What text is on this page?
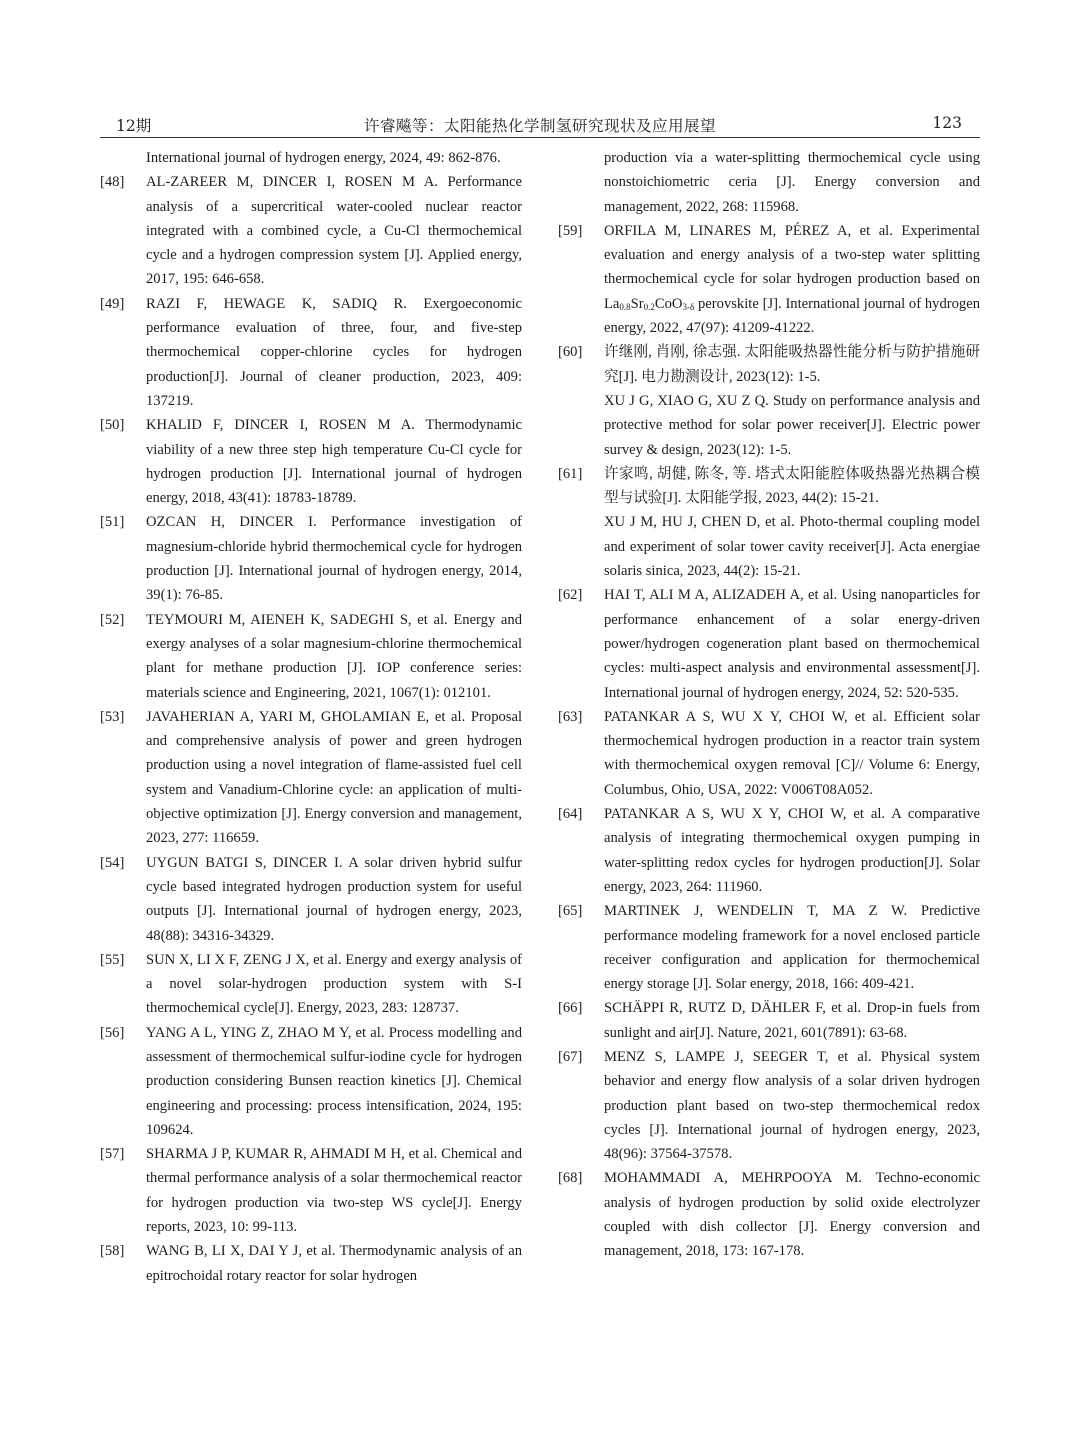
12期	许睿飚等：太阳能热化学制氢研究现状及应用展望	123
International journal of hydrogen energy, 2024, 49: 862-876.
[48]	AL-ZAREER M, DINCER I, ROSEN M A. Performance analysis of a supercritical water-cooled nuclear reactor integrated with a combined cycle, a Cu-Cl thermochemical cycle and a hydrogen compression system [J]. Applied energy, 2017, 195: 646-658.
[49]	RAZI F, HEWAGE K, SADIQ R. Exergoeconomic performance evaluation of three, four, and five-step thermochemical copper-chlorine cycles for hydrogen production[J]. Journal of cleaner production, 2023, 409: 137219.
[50]	KHALID F, DINCER I, ROSEN M A. Thermodynamic viability of a new three step high temperature Cu-Cl cycle for hydrogen production [J]. International journal of hydrogen energy, 2018, 43(41): 18783-18789.
[51]	OZCAN H, DINCER I. Performance investigation of magnesium-chloride hybrid thermochemical cycle for hydrogen production [J]. International journal of hydrogen energy, 2014, 39(1): 76-85.
[52]	TEYMOURI M, AIENEH K, SADEGHI S, et al. Energy and exergy analyses of a solar magnesium-chlorine thermochemical plant for methane production [J]. IOP conference series: materials science and Engineering, 2021, 1067(1): 012101.
[53]	JAVAHERIAN A, YARI M, GHOLAMIAN E, et al. Proposal and comprehensive analysis of power and green hydrogen production using a novel integration of flame-assisted fuel cell system and Vanadium-Chlorine cycle: an application of multi-objective optimization [J]. Energy conversion and management, 2023, 277: 116659.
[54]	UYGUN BATGI S, DINCER I. A solar driven hybrid sulfur cycle based integrated hydrogen production system for useful outputs [J]. International journal of hydrogen energy, 2023, 48(88): 34316-34329.
[55]	SUN X, LI X F, ZENG J X, et al. Energy and exergy analysis of a novel solar-hydrogen production system with S-I thermochemical cycle[J]. Energy, 2023, 283: 128737.
[56]	YANG A L, YING Z, ZHAO M Y, et al. Process modelling and assessment of thermochemical sulfur-iodine cycle for hydrogen production considering Bunsen reaction kinetics [J]. Chemical engineering and processing: process intensification, 2024, 195: 109624.
[57]	SHARMA J P, KUMAR R, AHMADI M H, et al. Chemical and thermal performance analysis of a solar thermochemical reactor for hydrogen production via two-step WS cycle[J]. Energy reports, 2023, 10: 99-113.
[58]	WANG B, LI X, DAI Y J, et al. Thermodynamic analysis of an epitrochoidal rotary reactor for solar hydrogen
production via a water-splitting thermochemical cycle using nonstoichiometric ceria [J]. Energy conversion and management, 2022, 268: 115968.
[59]	ORFILA M, LINARES M, PÉREZ A, et al. Experimental evaluation and energy analysis of a two-step water splitting thermochemical cycle for solar hydrogen production based on $La_{0.8}Sr_{0.2}CoO_{3-\delta}$ perovskite [J]. International journal of hydrogen energy, 2022, 47(97): 41209-41222.
[60]	许继刚, 肖刚, 徐志强. 太阳能吸热器性能分析与防护措施研究[J]. 电力勘测设计, 2023(12): 1-5.
XU J G, XIAO G, XU Z Q. Study on performance analysis and protective method for solar power receiver[J]. Electric power survey & design, 2023(12): 1-5.
[61]	许家鸣, 胡健, 陈冬, 等. 塔式太阳能腔体吸热器光热耦合模型与试验[J]. 太阳能学报, 2023, 44(2): 15-21.
XU J M, HU J, CHEN D, et al. Photo-thermal coupling model and experiment of solar tower cavity receiver[J]. Acta energiae solaris sinica, 2023, 44(2): 15-21.
[62]	HAI T, ALI M A, ALIZADEH A, et al. Using nanoparticles for performance enhancement of a solar energy-driven power/hydrogen cogeneration plant based on thermochemical cycles: multi-aspect analysis and environmental assessment[J]. International journal of hydrogen energy, 2024, 52: 520-535.
[63]	PATANKAR A S, WU X Y, CHOI W, et al. Efficient solar thermochemical hydrogen production in a reactor train system with thermochemical oxygen removal [C]// Volume 6: Energy, Columbus, Ohio, USA, 2022: V006T08A052.
[64]	PATANKAR A S, WU X Y, CHOI W, et al. A comparative analysis of integrating thermochemical oxygen pumping in water-splitting redox cycles for hydrogen production[J]. Solar energy, 2023, 264: 111960.
[65]	MARTINEK J, WENDELIN T, MA Z W. Predictive performance modeling framework for a novel enclosed particle receiver configuration and application for thermochemical energy storage [J]. Solar energy, 2018, 166: 409-421.
[66]	SCHÄPPI R, RUTZ D, DÄHLER F, et al. Drop-in fuels from sunlight and air[J]. Nature, 2021, 601(7891): 63-68.
[67]	MENZ S, LAMPE J, SEEGER T, et al. Physical system behavior and energy flow analysis of a solar driven hydrogen production plant based on two-step thermochemical redox cycles [J]. International journal of hydrogen energy, 2023, 48(96): 37564-37578.
[68]	MOHAMMADI A, MEHRPOOYA M. Techno-economic analysis of hydrogen production by solid oxide electrolyzer coupled with dish collector [J]. Energy conversion and management, 2018, 173: 167-178.
